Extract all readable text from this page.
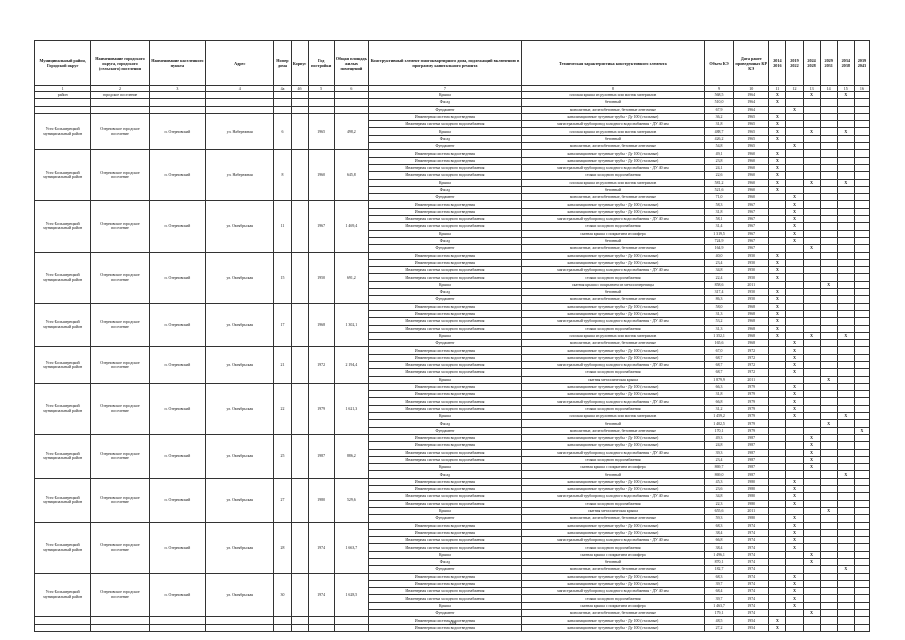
Муниципальный район, Городской округ	Наименование городского округа, городского (сельского) поселения	Наименование населенного пункта	Адрес	Номер дома	Корпус	Год постройки	Общая площадь жилых помещений	Конструктивный элемент многоквартирного дома, подлежащий включению в программу капитального ремонта	Техническая характеристика конструктивного элемента	Объем КЭ	Дата ранее проведенных КР КЭ	2014 2016	2019 2022	2024 2028	2029 2031	2034 2038	2039 2043
1	2	3	4	4а	4б	5	6	7	8	9	10	11	12	13	14	15	16
район	городское поселение							Крыша	плоская крыша из рулонных или мастик материалов	568,5	1964	X		X		X	
								Фасад	бетонный	510,0	1964	X					
								Фундамент	монолитные, железобетонные, бетонные ленточные	67,9	1964		X				
Усть-Большерецкий муниципальный район	Озерновское городское поселение	п. Озерновский	ул. Набережная	6		1965	498,2	Инженерная система водоотведения	канализационные чугунные трубы - Ду 100 (стальные)	36,2	1965	X					
								Инженерная система холодного водоснабжения	магистральный трубопровод холодного водоснабжения - ДУ 40 мм	31,8	1965	X					
								Крыша	плоская крыша из рулонных или мастик материалов	488,7	1965	X		X		X	
								Фасад	бетонный	426,2	1965	X					
								Фундамент	монолитные, железобетонные, бетонные ленточные	54,8	1965		X				
Усть-Большерецкий муниципальный район	Озерновское городское поселение	п. Озерновский	ул. Набережная	8		1960	645,8	Инженерная система водоотведения	канализационные чугунные трубы - Ду 100 (стальные)	49,1	1960	X					
								Инженерная система водоотведения	канализационные чугунные трубы - Ду 100 (стальные)	23,8	1960	X					
								Инженерная система холодного водоснабжения	магистральный трубопровод холодного водоснабжения - ДУ 40 мм	24,1	1960	X					
								Инженерная система холодного водоснабжения	стояки холодного водоснабжения	22,6	1960	X					
								Крыша	плоская крыша из рулонных или мастик материалов	581,2	1960	X		X		X	
								Фасад	бетонный	521,6	1960	X					
								Фундамент	монолитные, железобетонные, бетонные ленточные	71,0	1960		X				
Усть-Большерецкий муниципальный район	Озерновское городское поселение	п. Озерновский	ул. Октябрьская	11		1967	1 469,4	Инженерная система водоотведения	канализационные чугунные трубы - Ду 100 (стальные)	58,3	1967		X				
								Инженерная система водоотведения	канализационные чугунные трубы - Ду 100 (стальные)	31,8	1967		X				
								Инженерная система холодного водоснабжения	магистральный трубопровод холодного водоснабжения - ДУ 40 мм	58,1	1967		X				
								Инженерная система холодного водоснабжения	стояки холодного водоснабжения	31,4	1967		X				
								Крыша	скатная крыша с покрытием из шифера	1 319,5	1967		X				
								Фасад	бетонный	724,9	1967		X				
								Фундамент	монолитные, железобетонные, бетонные ленточные	164,9	1967			X			
Усть-Большерецкий муниципальный район	Озерновское городское поселение	п. Озерновский	ул. Октябрьская	15		1950	691,2	Инженерная система водоотведения	канализационные чугунные трубы - Ду 100 (стальные)	40,0	1950	X					
								Инженерная система водоотведения	канализационные чугунные трубы - Ду 100 (стальные)	23,4	1950	X					
								Инженерная система холодного водоснабжения	магистральный трубопровод холодного водоснабжения - ДУ 40 мм	34,8	1950	X					
								Инженерная система холодного водоснабжения	стояки холодного водоснабжения	22,4	1950	X					
								Крыша	скатная крыша с покрытием из металлочерепицы	858,6	2011				X		
								Фасад	бетонный	317,4	1950	X					
								Фундамент	монолитные, железобетонные, бетонные ленточные	86,3	1950	X					
Усть-Большерецкий муниципальный район	Озерновское городское поселение	п. Озерновский	ул. Октябрьская	17		1968	1 302,1	Инженерная система водоотведения	канализационные чугунные трубы - Ду 100 (стальные)	58,0	1968	X					
								Инженерная система водоотведения	канализационные чугунные трубы - Ду 100 (стальные)	31,3	1968	X					
								Инженерная система холодного водоснабжения	магистральный трубопровод холодного водоснабжения - ДУ 40 мм	53,2	1968	X					
								Инженерная система холодного водоснабжения	стояки холодного водоснабжения	31,3	1968	X					
								Крыша	плоская крыша из рулонных или мастик материалов	1 352,1	1968	X		X		X	
								Фундамент	монолитные, железобетонные, бетонные ленточные	165,6	1968		X				
Усть-Большерецкий муниципальный район	Озерновское городское поселение	п. Озерновский	ул. Октябрьская	21		1972	2 194,4	Инженерная система водоотведения	канализационные чугунные трубы - Ду 100 (стальные)	67,0	1972		X				
								Инженерная система водоотведения	канализационные чугунные трубы - Ду 100 (стальные)	68,7	1972		X				
								Инженерная система холодного водоснабжения	магистральный трубопровод холодного водоснабжения - ДУ 40 мм	68,7	1972		X				
								Инженерная система холодного водоснабжения	стояки холодного водоснабжения	68,7	1972		X				
								Крыша	скатная металлическая крыша	1 879,9	2011				X		
Усть-Большерецкий муниципальный район	Озерновское городское поселение	п. Озерновский	ул. Октябрьская	22		1979	1 621,3	Инженерная система водоотведения	канализационные чугунные трубы - Ду 100 (стальные)	66,3	1979		X				
								Инженерная система водоотведения	канализационные чугунные трубы - Ду 100 (стальные)	31,8	1979		X				
								Инженерная система холодного водоснабжения	магистральный трубопровод холодного водоснабжения - ДУ 40 мм	66,8	1979		X				
								Инженерная система холодного водоснабжения	стояки холодного водоснабжения	31,2	1979		X				
								Крыша	плоская крыша из рулонных или мастик материалов	1 459,2	1979		X			X	
								Фасад	бетонный	1 402,5	1979				X		
								Фундамент	монолитные, железобетонные, бетонные ленточные	170,1	1979						X
Усть-Большерецкий муниципальный район	Озерновское городское поселение	п. Озерновский	ул. Октябрьская	25		1987	886,2	Инженерная система водоотведения	канализационные чугунные трубы - Ду 100 (стальные)	49,3	1987			X			
								Инженерная система водоотведения	канализационные чугунные трубы - Ду 100 (стальные)	24,8	1987			X			
								Инженерная система холодного водоснабжения	магистральный трубопровод холодного водоснабжения - ДУ 40 мм	39,3	1987			X			
								Инженерная система холодного водоснабжения	стояки холодного водоснабжения	23,4	1987			X			
								Крыша	скатная крыша с покрытием из шифера	869,7	1987			X			
								Фасад	бетонный	869,0	1987					X	
Усть-Большерецкий муниципальный район	Озерновское городское поселение	п. Озерновский	ул. Октябрьская	27		1980	529,6	Инженерная система водоотведения	канализационные чугунные трубы - Ду 100 (стальные)	45,3	1980		X				
								Инженерная система водоотведения	канализационные чугунные трубы - Ду 100 (стальные)	23,6	1980		X				
								Инженерная система холодного водоснабжения	магистральный трубопровод холодного водоснабжения - ДУ 40 мм	34,8	1980		X				
								Инженерная система холодного водоснабжения	стояки холодного водоснабжения	22,3	1980		X				
								Крыша	скатная металлическая крыша	655,6	2011				X		
								Фундамент	монолитные, железобетонные, бетонные ленточные	59,3	1980		X				
Усть-Большерецкий муниципальный район	Озерновское городское поселение	п. Озерновский	ул. Октябрьская	28		1974	1 663,7	Инженерная система водоотведения	канализационные чугунные трубы - Ду 100 (стальные)	68,3	1974		X				
								Инженерная система водоотведения	канализационные чугунные трубы - Ду 100 (стальные)	38,4	1974		X				
								Инженерная система холодного водоснабжения	магистральный трубопровод холодного водоснабжения - ДУ 40 мм	66,8	1974		X				
								Инженерная система холодного водоснабжения	стояки холодного водоснабжения	38,4	1974		X				
								Крыша	скатная крыша с покрытием из шифера	1 496,1	1974			X			
								Фасад	бетонный	870,1	1974			X			
								Фундамент	монолитные, железобетонные, бетонные ленточные	182,7	1974					X	
Усть-Большерецкий муниципальный район	Озерновское городское поселение	п. Озерновский	ул. Октябрьская	30		1974	1 628,5	Инженерная система водоотведения	канализационные чугунные трубы - Ду 100 (стальные)	68,3	1974		X				
								Инженерная система водоотведения	канализационные чугунные трубы - Ду 100 (стальные)	39,7	1974		X				
								Инженерная система холодного водоснабжения	магистральный трубопровод холодного водоснабжения - ДУ 40 мм	68,4	1974		X				
								Инженерная система холодного водоснабжения	стояки холодного водоснабжения	39,7	1974		X				
								Крыша	скатная крыша с покрытием из шифера	1 463,7	1974		X				
								Фундамент	монолитные, железобетонные, бетонные ленточные	179,1	1974			X			
								Инженерная система водоотведения	канализационные чугунные трубы - Ду 100 (стальные)	48,5	1954	X					
								Инженерная система водоотведения	канализационные чугунные трубы - Ду 100 (стальные)	27,2	1954	X					
249
